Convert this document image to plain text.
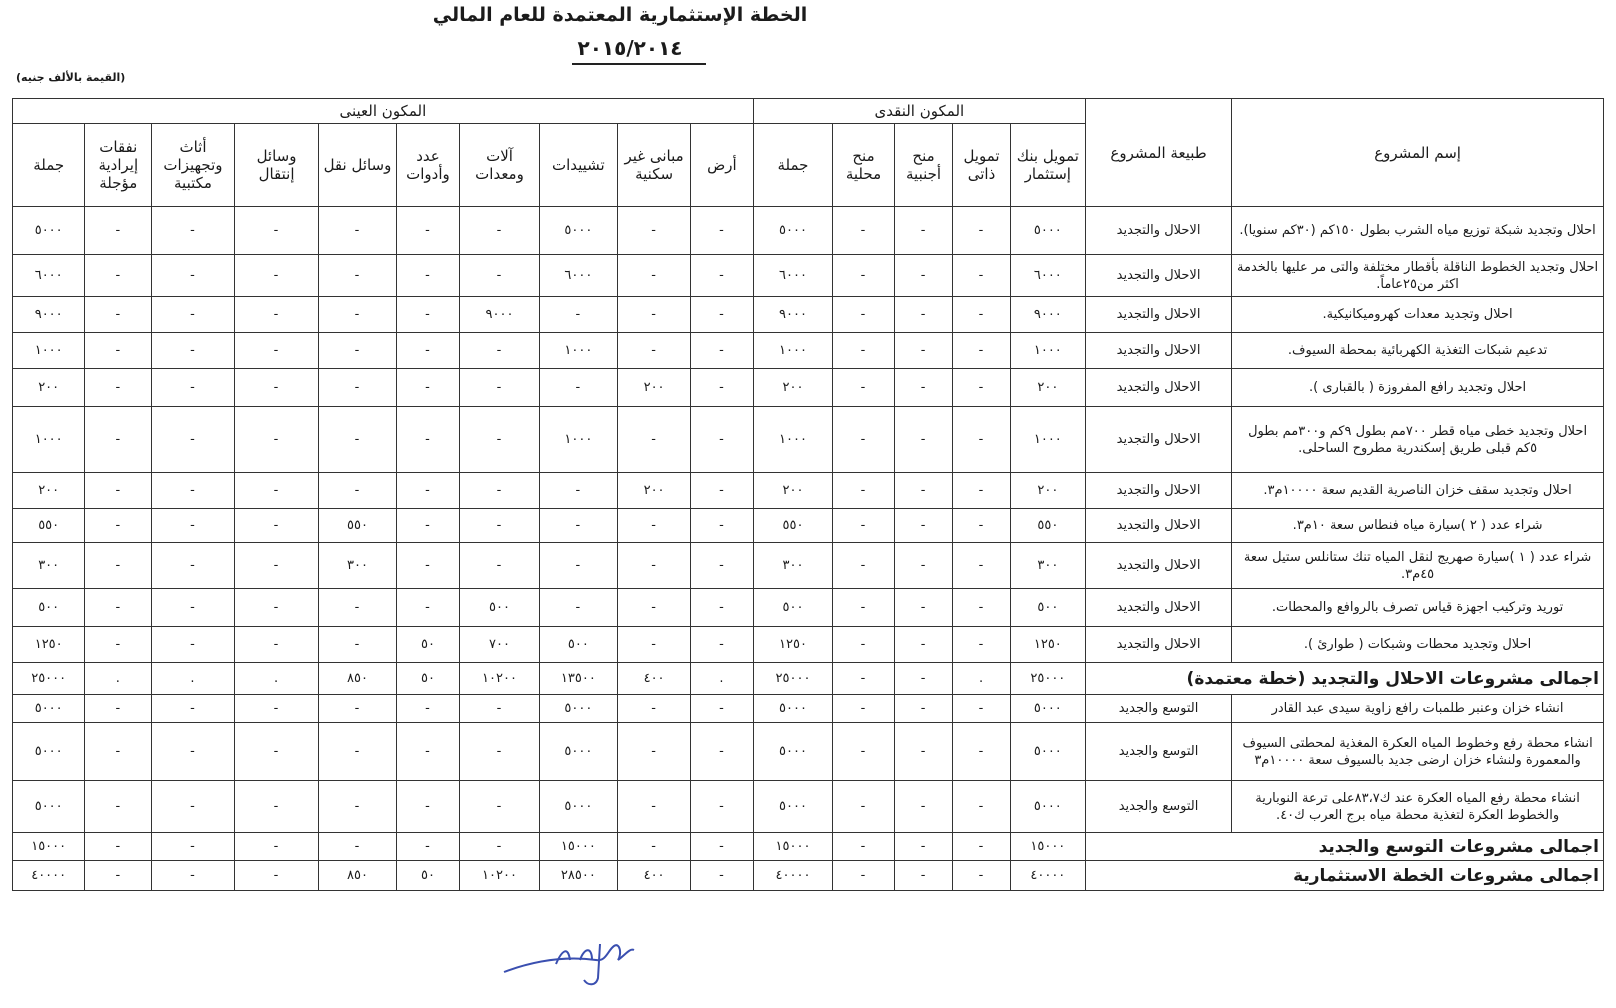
الخطة الإستثمارية المعتمدة للعام المالي
٢٠١٥/٢٠١٤
(القيمة بالألف جنيه)
إسم المشروع	طبيعة المشروع	المكون النقدى					المكون العينى									
		تمويل بنك إستثمار	تمويل ذاتى	منح أجنبية	منح محلية	جملة	أرض	مبانى غير سكنية	تشييدات	آلات ومعدات	عدد وأدوات	وسائل نقل	وسائل إنتقال	أثاث وتجهيزات مكتبية	نفقات إيرادية مؤجلة	جملة
احلال وتجديد شبكة توزيع مياه الشرب بطول ١٥٠كم (٣٠كم سنويا).	الاحلال والتجديد	٥٠٠٠	-	-	-	٥٠٠٠	-	-	٥٠٠٠	-	-	-	-	-	-	٥٠٠٠
احلال وتجديد الخطوط الناقلة بأقطار مختلفة والتى مر عليها بالخدمة اكثر من٢٥عاماً.	الاحلال والتجديد	٦٠٠٠	-	-	-	٦٠٠٠	-	-	٦٠٠٠	-	-	-	-	-	-	٦٠٠٠
احلال وتجديد معدات كهروميكانيكية.	الاحلال والتجديد	٩٠٠٠	-	-	-	٩٠٠٠	-	-	-	٩٠٠٠	-	-	-	-	-	٩٠٠٠
تدعيم شبكات التغذية الكهربائية بمحطة السيوف.	الاحلال والتجديد	١٠٠٠	-	-	-	١٠٠٠	-	-	١٠٠٠	-	-	-	-	-	-	١٠٠٠
احلال وتجديد رافع المفروزة ( بالقبارى ).	الاحلال والتجديد	٢٠٠	-	-	-	٢٠٠	-	٢٠٠	-	-	-	-	-	-	-	٢٠٠
احلال وتجديد خطى مياه قطر ٧٠٠مم بطول ٩كم و٣٠٠مم بطول ٥كم قبلى طريق إسكندرية مطروح الساحلى.	الاحلال والتجديد	١٠٠٠	-	-	-	١٠٠٠	-	-	١٠٠٠	-	-	-	-	-	-	١٠٠٠
احلال وتجديد سقف خزان الناصرية القديم سعة ١٠٠٠٠م٣.	الاحلال والتجديد	٢٠٠	-	-	-	٢٠٠	-	٢٠٠	-	-	-	-	-	-	-	٢٠٠
شراء عدد ( ٢ )سيارة مياه فنطاس سعة ١٠م٣.	الاحلال والتجديد	٥٥٠	-	-	-	٥٥٠	-	-	-	-	-	٥٥٠	-	-	-	٥٥٠
شراء عدد ( ١ )سيارة صهريج لنقل المياه تنك ستانلس ستيل سعة ٤٥م٣.	الاحلال والتجديد	٣٠٠	-	-	-	٣٠٠	-	-	-	-	-	٣٠٠	-	-	-	٣٠٠
توريد وتركيب اجهزة قياس تصرف بالروافع والمحطات.	الاحلال والتجديد	٥٠٠	-	-	-	٥٠٠	-	-	-	٥٠٠	-	-	-	-	-	٥٠٠
احلال وتجديد محطات وشبكات ( طوارئ ).	الاحلال والتجديد	١٢٥٠	-	-	-	١٢٥٠	-	-	٥٠٠	٧٠٠	٥٠	-	-	-	-	١٢٥٠
اجمالى مشروعات الاحلال والتجديد (خطة معتمدة)		٢٥٠٠٠	.	-	-	٢٥٠٠٠	.	٤٠٠	١٣٥٠٠	١٠٢٠٠	٥٠	٨٥٠	.	.	.	٢٥٠٠٠
انشاء خزان وعنبر طلمبات رافع زاوية سيدى عبد القادر	التوسع والجديد	٥٠٠٠	-	-	-	٥٠٠٠	-	-	٥٠٠٠	-	-	-	-	-	-	٥٠٠٠
انشاء محطة رفع وخطوط المياه العكرة المغذية لمحطتى السيوف والمعمورة ولنشاء خزان ارضى جديد بالسيوف سعة ١٠٠٠٠م٣	التوسع والجديد	٥٠٠٠	-	-	-	٥٠٠٠	-	-	٥٠٠٠	-	-	-	-	-	-	٥٠٠٠
انشاء محطة رفع المياه العكرة عند ك٨٣،٧على ترعة النوبارية والخطوط العكرة لتغذية محطة مياه برج العرب ك٤٠.	التوسع والجديد	٥٠٠٠	-	-	-	٥٠٠٠	-	-	٥٠٠٠	-	-	-	-	-	-	٥٠٠٠
اجمالى مشروعات التوسع والجديد		١٥٠٠٠	-	-	-	١٥٠٠٠	-	-	١٥٠٠٠	-	-	-	-	-	-	١٥٠٠٠
اجمالى مشروعات الخطة الاستثمارية		٤٠٠٠٠	-	-	-	٤٠٠٠٠	-	٤٠٠	٢٨٥٠٠	١٠٢٠٠	٥٠	٨٥٠	-	-	-	٤٠٠٠٠
